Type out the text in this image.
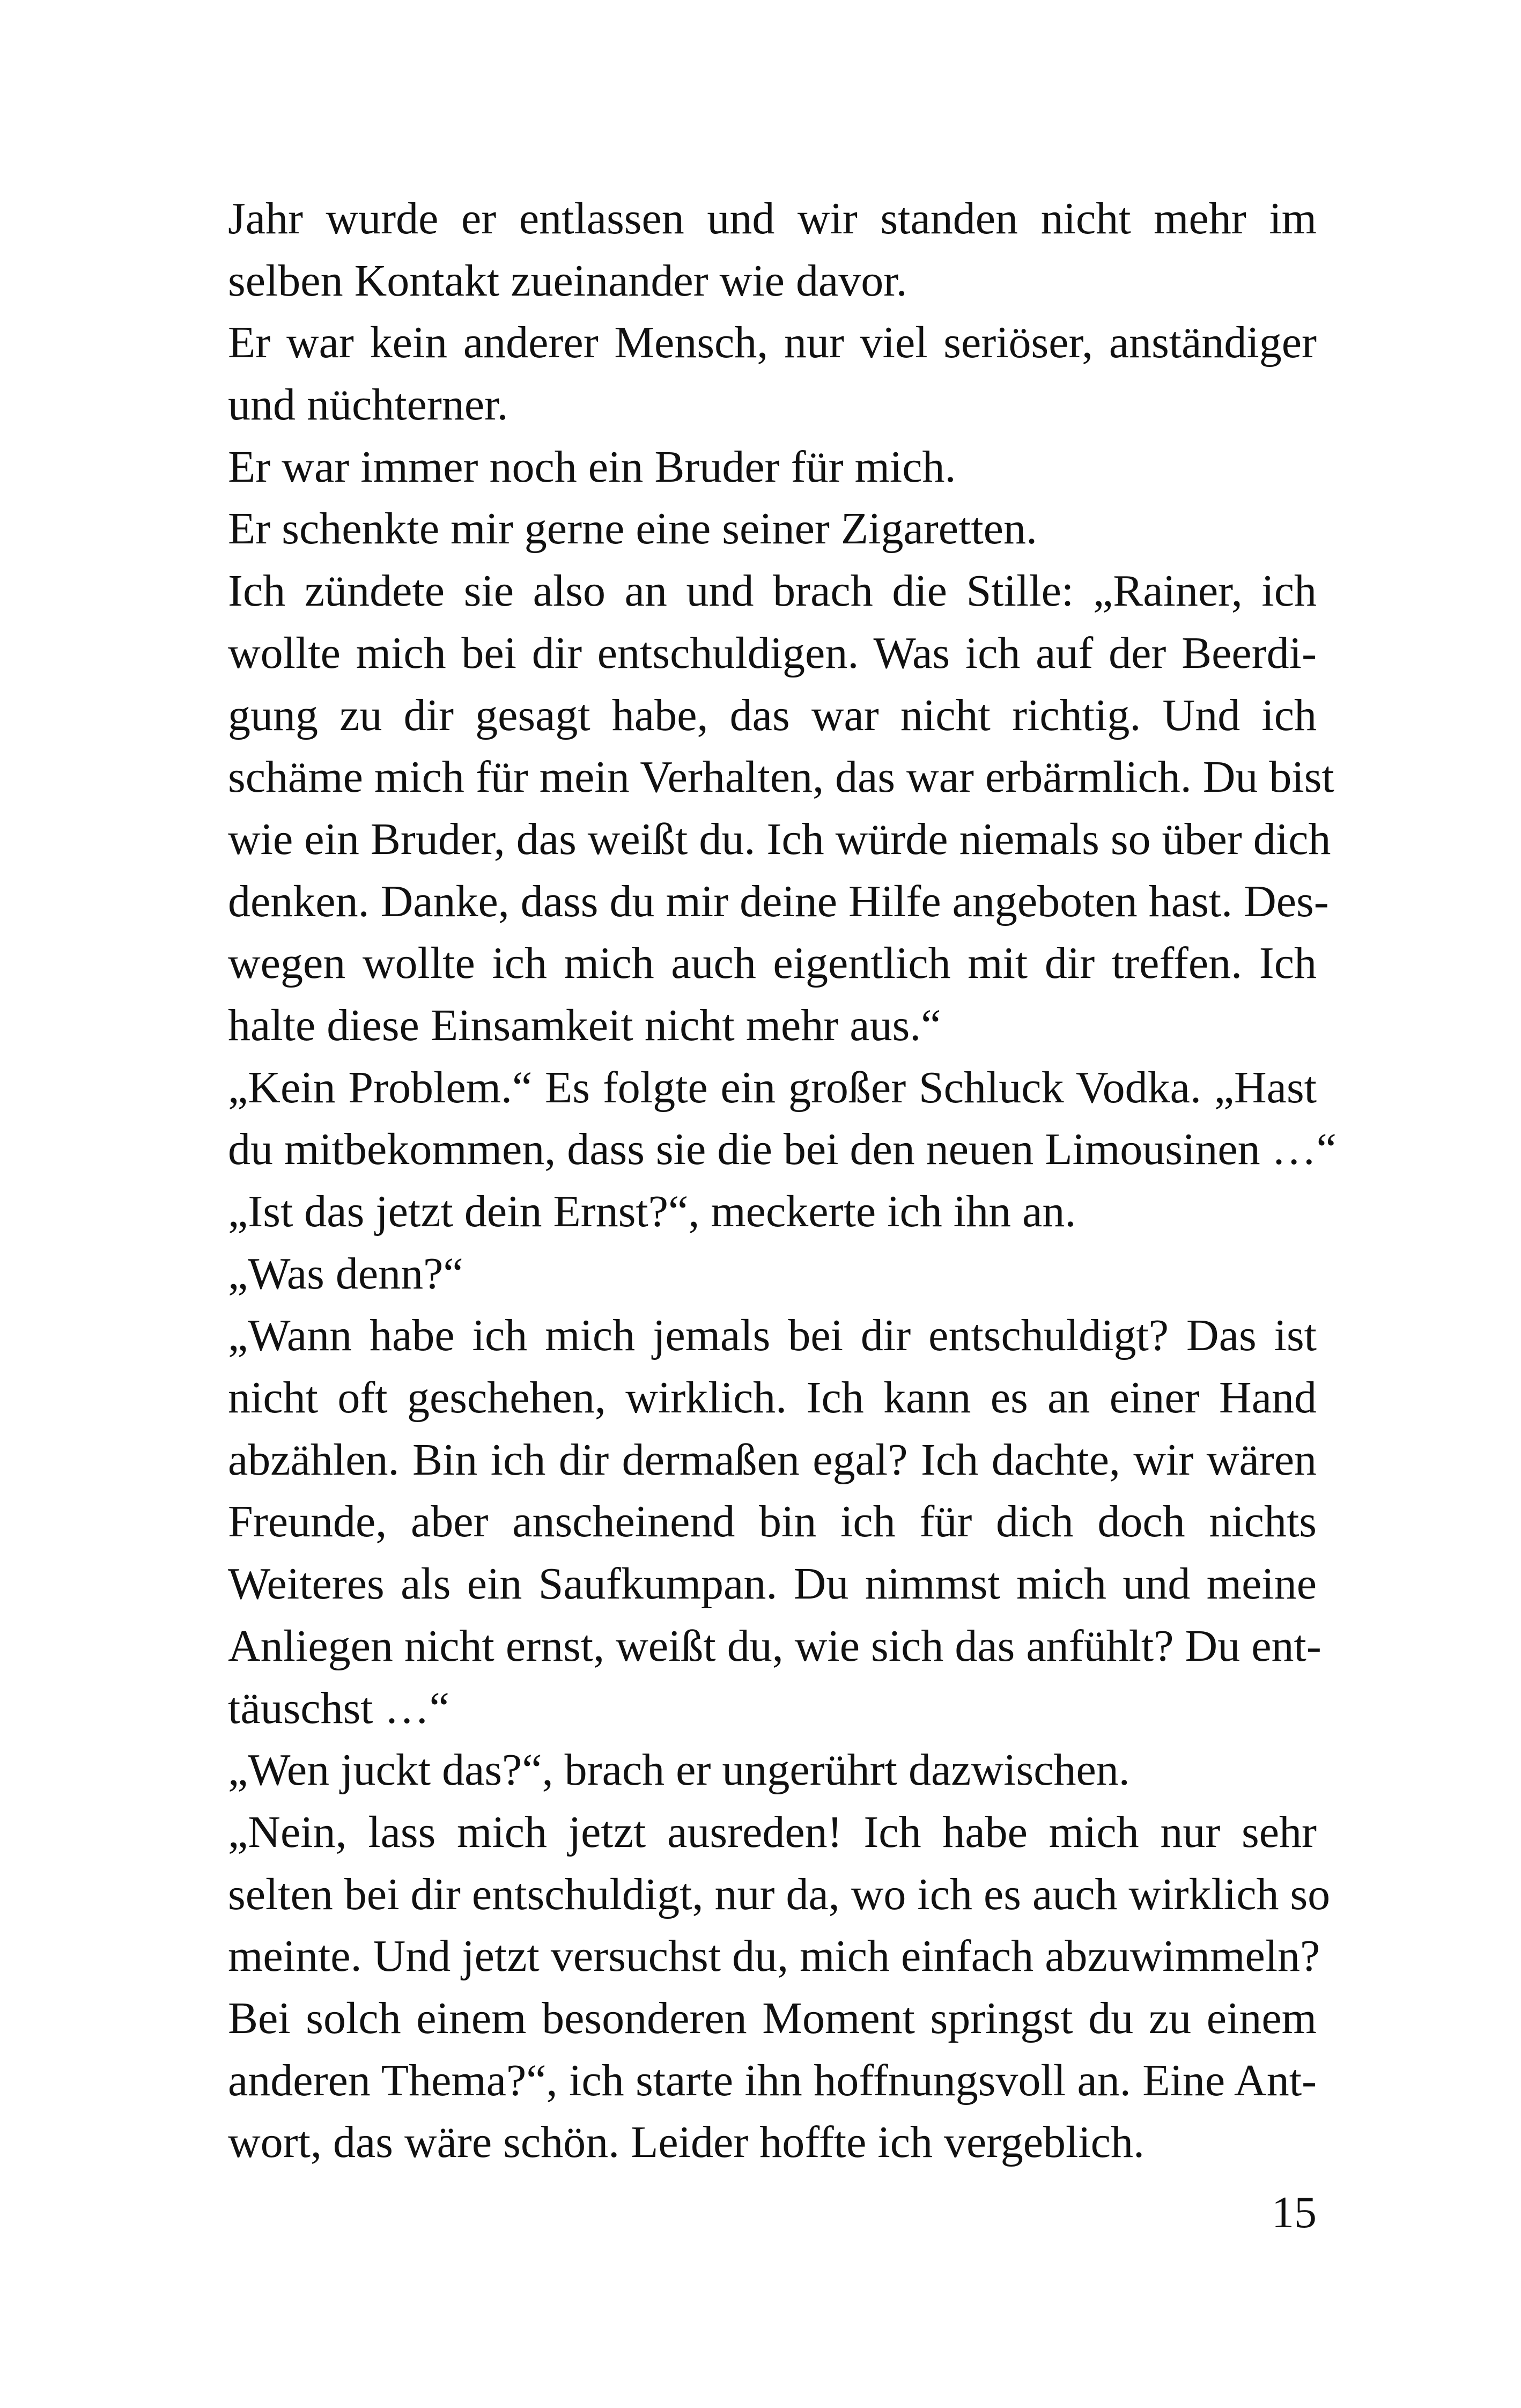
Jahr wurde er entlassen und wir standen nicht mehr im
selben Kontakt zueinander wie davor.
Er war kein anderer Mensch, nur viel seriöser, anständiger
und nüchterner.
Er war immer noch ein Bruder für mich.
Er schenkte mir gerne eine seiner Zigaretten.
Ich zündete sie also an und brach die Stille: „Rainer, ich
wollte mich bei dir entschuldigen. Was ich auf der Beerdi-
gung zu dir gesagt habe, das war nicht richtig. Und ich
schäme mich für mein Verhalten, das war erbärmlich. Du bist
wie ein Bruder, das weißt du. Ich würde niemals so über dich
denken. Danke, dass du mir deine Hilfe angeboten hast. Des-
wegen wollte ich mich auch eigentlich mit dir treffen. Ich
halte diese Einsamkeit nicht mehr aus.“
„Kein Problem.“ Es folgte ein großer Schluck Vodka. „Hast
du mitbekommen, dass sie die bei den neuen Limousinen …“
„Ist das jetzt dein Ernst?“, meckerte ich ihn an.
„Was denn?“
„Wann habe ich mich jemals bei dir entschuldigt? Das ist
nicht oft geschehen, wirklich. Ich kann es an einer Hand
abzählen. Bin ich dir dermaßen egal? Ich dachte, wir wären
Freunde, aber anscheinend bin ich für dich doch nichts
Weiteres als ein Saufkumpan. Du nimmst mich und meine
Anliegen nicht ernst, weißt du, wie sich das anfühlt? Du ent-
täuschst …“
„Wen juckt das?“, brach er ungerührt dazwischen.
„Nein, lass mich jetzt ausreden! Ich habe mich nur sehr
selten bei dir entschuldigt, nur da, wo ich es auch wirklich so
meinte. Und jetzt versuchst du, mich einfach abzuwimmeln?
Bei solch einem besonderen Moment springst du zu einem
anderen Thema?“, ich starte ihn hoffnungsvoll an. Eine Ant-
wort, das wäre schön. Leider hoffte ich vergeblich.
15
